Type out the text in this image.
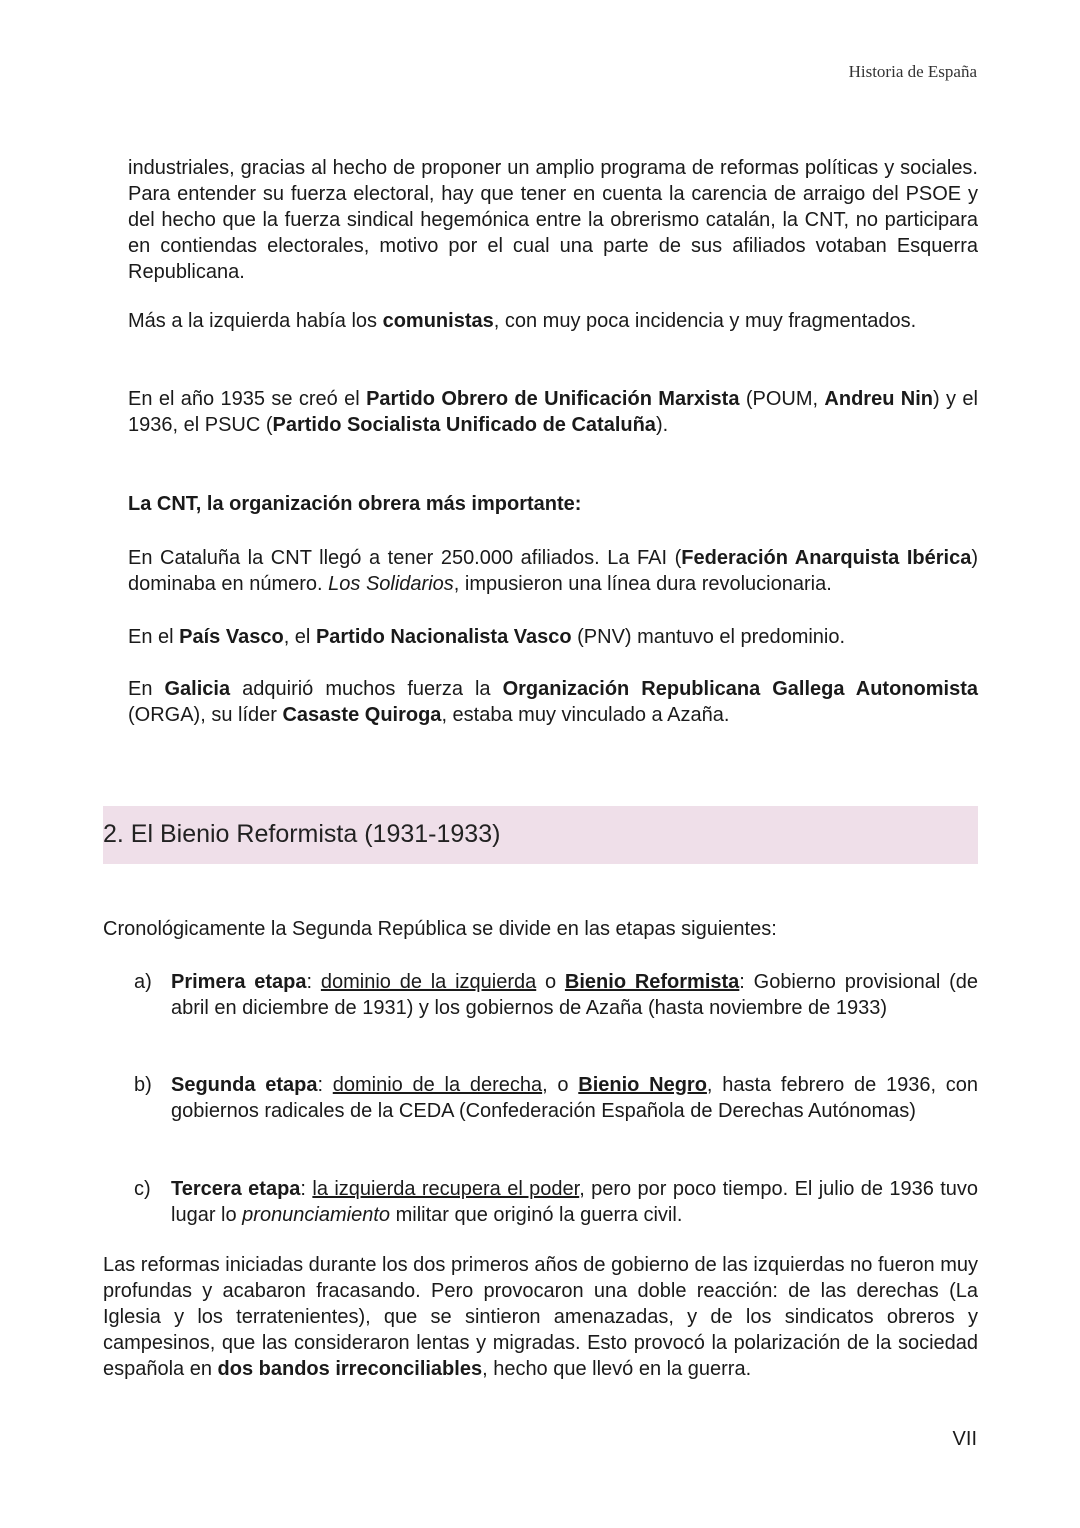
Historia de España

industriales, gracias al hecho de proponer un amplio programa de reformas políticas y sociales. Para entender su fuerza electoral, hay que tener en cuenta la carencia de arraigo del PSOE y del hecho que la fuerza sindical hegemónica entre la obrerismo catalán, la CNT, no participara en contiendas electorales, motivo por el cual una parte de sus afiliados votaban Esquerra Republicana.

Más a la izquierda había los comunistas, con muy poca incidencia y muy fragmentados.

En el año 1935 se creó el Partido Obrero de Unificación Marxista (POUM, Andreu Nin) y el 1936, el PSUC (Partido Socialista Unificado de Cataluña).

La CNT, la organización obrera más importante:

En Cataluña la CNT llegó a tener 250.000 afiliados. La FAI (Federación Anarquista Ibérica) dominaba en número. Los Solidarios, impusieron una línea dura revolucionaria.

En el País Vasco, el Partido Nacionalista Vasco (PNV) mantuvo el predominio.

En Galicia adquirió muchos fuerza la Organización Republicana Gallega Autonomista (ORGA), su líder Casaste Quiroga, estaba muy vinculado a Azaña.

2. El Bienio Reformista (1931-1933)

Cronológicamente la Segunda República se divide en las etapas siguientes:

a) Primera etapa: dominio de la izquierda o Bienio Reformista: Gobierno provisional (de abril en diciembre de 1931) y los gobiernos de Azaña (hasta noviembre de 1933)
b) Segunda etapa: dominio de la derecha, o Bienio Negro, hasta febrero de 1936, con gobiernos radicales de la CEDA (Confederación Española de Derechas Autónomas)
c)	Tercera etapa: la izquierda recupera el poder, pero por poco tiempo. El julio de 1936 tuvo lugar lo pronunciamiento militar que originó la guerra civil.

Las reformas iniciadas durante los dos primeros años de gobierno de las izquierdas no fueron muy profundas y acabaron fracasando. Pero provocaron una doble reacción: de las derechas (La Iglesia y los terratenientes), que se sintieron amenazadas, y de los sindicatos obreros y campesinos, que las consideraron lentas y migradas. Esto provocó la polarización de la sociedad española en dos bandos irreconciliables, hecho que llevó en la guerra.

VII
